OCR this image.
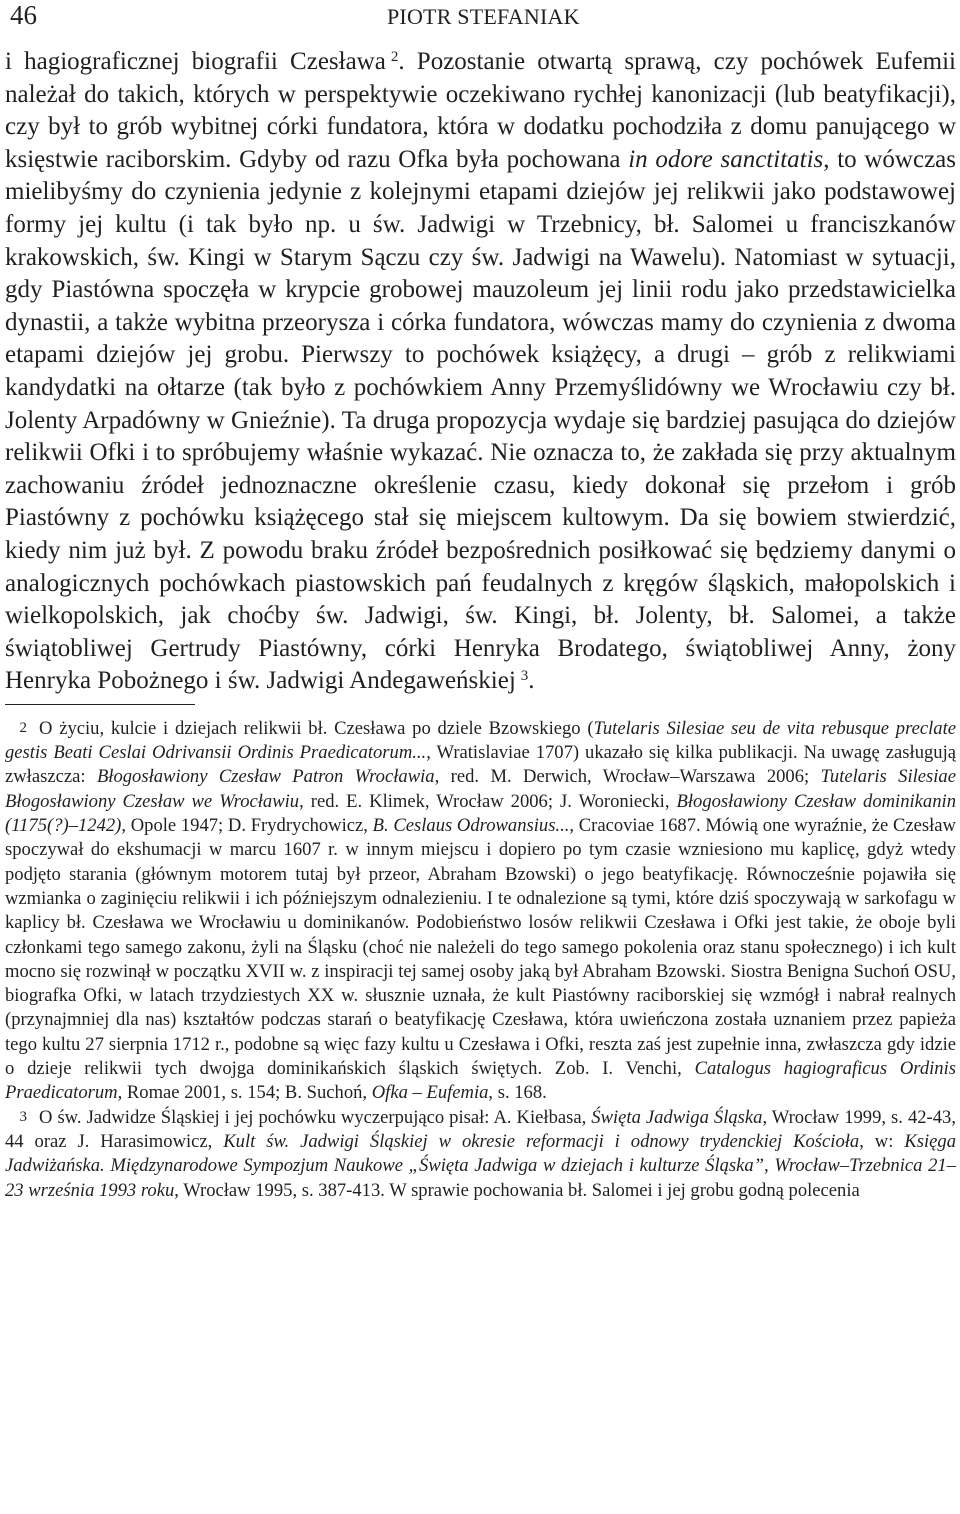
46	PIOTR STEFANIAK

i hagiograficznej biografii Czesława  $^2$. Pozostanie otwartą sprawą, czy pochówek Eufemii należał do takich, których w perspektywie oczekiwano rychłej kanonizacji (lub beatyfikacji), czy był to grób wybitnej córki fundatora, która w dodatku pochodziła z domu panującego w księstwie raciborskim. Gdyby od razu Ofka była pochowana in odore sanctitatis, to wówczas mielibyśmy do czynienia jedynie z kolejnymi etapami dziejów jej relikwii jako podstawowej formy jej kultu (i tak było np. u św. Jadwigi w Trzebnicy, bł. Salomei u franciszkanów krakowskich, św. Kingi w Starym Sączu czy św. Jadwigi na Wawelu). Natomiast w sytuacji, gdy Piastówna spoczęła w krypcie grobowej mauzoleum jej linii rodu jako przedstawicielka dynastii, a także wybitna przeorysza i córka fundatora, wówczas mamy do czynienia z dwoma etapami dziejów jej grobu. Pierwszy to pochówek książęcy, a drugi – grób z relikwiami kandydatki na ołtarze (tak było z pochówkiem Anny Przemyślidówny we Wrocławiu czy bł. Jolenty Arpadówny w Gnieźnie). Ta druga propozycja wydaje się bardziej pasująca do dziejów relikwii Ofki i to spróbujemy właśnie wykazać. Nie oznacza to, że zakłada się przy aktualnym zachowaniu źródeł jednoznaczne określenie czasu, kiedy dokonał się przełom i grób Piastówny z pochówku książęcego stał się miejscem kultowym. Da się bowiem stwierdzić, kiedy nim już był. Z powodu braku źródeł bezpośrednich posiłkować się będziemy danymi o analogicznych pochówkach piastowskich pań feudalnych z kręgów śląskich, małopolskich i wielkopolskich, jak choćby św. Jadwigi, św. Kingi, bł. Jolenty, bł. Salomei, a także świątobliwej Gertrudy Piastówny, córki Henryka Brodatego, świątobliwej Anny, żony Henryka Pobożnego i św. Jadwigi Andegaweńskiej  $^3$.

2 O życiu, kulcie i dziejach relikwii bł. Czesława po dziele Bzowskiego (Tutelaris Silesiae seu de vita rebusque preclate gestis Beati Ceslai Odrivansii Ordinis Praedicatorum..., Wratislaviae 1707) ukazało się kilka publikacji. Na uwagę zasługują zwłaszcza: Błogosławiony Czesław Patron Wrocławia, red. M. Derwich, Wrocław–Warszawa 2006; Tutelaris Silesiae Błogosławiony Czesław we Wrocławiu, red. E. Klimek, Wrocław 2006; J. Woroniecki, Błogosławiony Czesław dominikanin (1175(?)–1242), Opole 1947; D. Frydrychowicz, B. Ceslaus Odrowansius..., Cracoviae 1687. Mówią one wyraźnie, że Czesław spoczywał do ekshumacji w marcu 1607 r. w innym miejscu i dopiero po tym czasie wzniesiono mu kaplicę, gdyż wtedy podjęto starania (głównym motorem tutaj był przeor, Abraham Bzowski) o jego beatyfikację. Równocześnie pojawiła się wzmianka o zaginięciu relikwii i ich późniejszym odnalezieniu. I te odnalezione są tymi, które dziś spoczywają w sarkofagu w kaplicy bł. Czesława we Wrocławiu u dominikanów. Podobieństwo losów relikwii Czesława i Ofki jest takie, że oboje byli członkami tego samego zakonu, żyli na Śląsku (choć nie należeli do tego samego pokolenia oraz stanu społecznego) i ich kult mocno się rozwinął w początku XVII w. z inspiracji tej samej osoby jaką był Abraham Bzowski. Siostra Benigna Suchoń OSU, biografka Ofki, w latach trzydziestych XX w. słusznie uznała, że kult Piastówny raciborskiej się wzmógł i nabrał realnych (przynajmniej dla nas) kształtów podczas starań o beatyfikację Czesława, która uwieńczona została uznaniem przez papieża tego kultu 27 sierpnia 1712 r., podobne są więc fazy kultu u Czesława i Ofki, reszta zaś jest zupełnie inna, zwłaszcza gdy idzie o dzieje relikwii tych dwojga dominikańskich śląskich świętych. Zob. I. Venchi, Catalogus hagiograficus Ordinis Praedicatorum, Romae 2001, s. 154; B. Suchoń, Ofka – Eufemia, s. 168.

3 O św. Jadwidze Śląskiej i jej pochówku wyczerpująco pisał: A. Kiełbasa, Święta Jadwiga Śląska, Wrocław 1999, s. 42-43, 44 oraz J. Harasimowicz, Kult św. Jadwigi Śląskiej w okresie reformacji i odnowy trydenckiej Kościoła, w: Księga Jadwiżańska. Międzynarodowe Sympozjum Naukowe „Święta Jadwiga w dziejach i kulturze Śląska”, Wrocław–Trzebnica 21–23 września 1993 roku, Wrocław 1995, s. 387-413. W sprawie pochowania bł. Salomei i jej grobu godną polecenia
